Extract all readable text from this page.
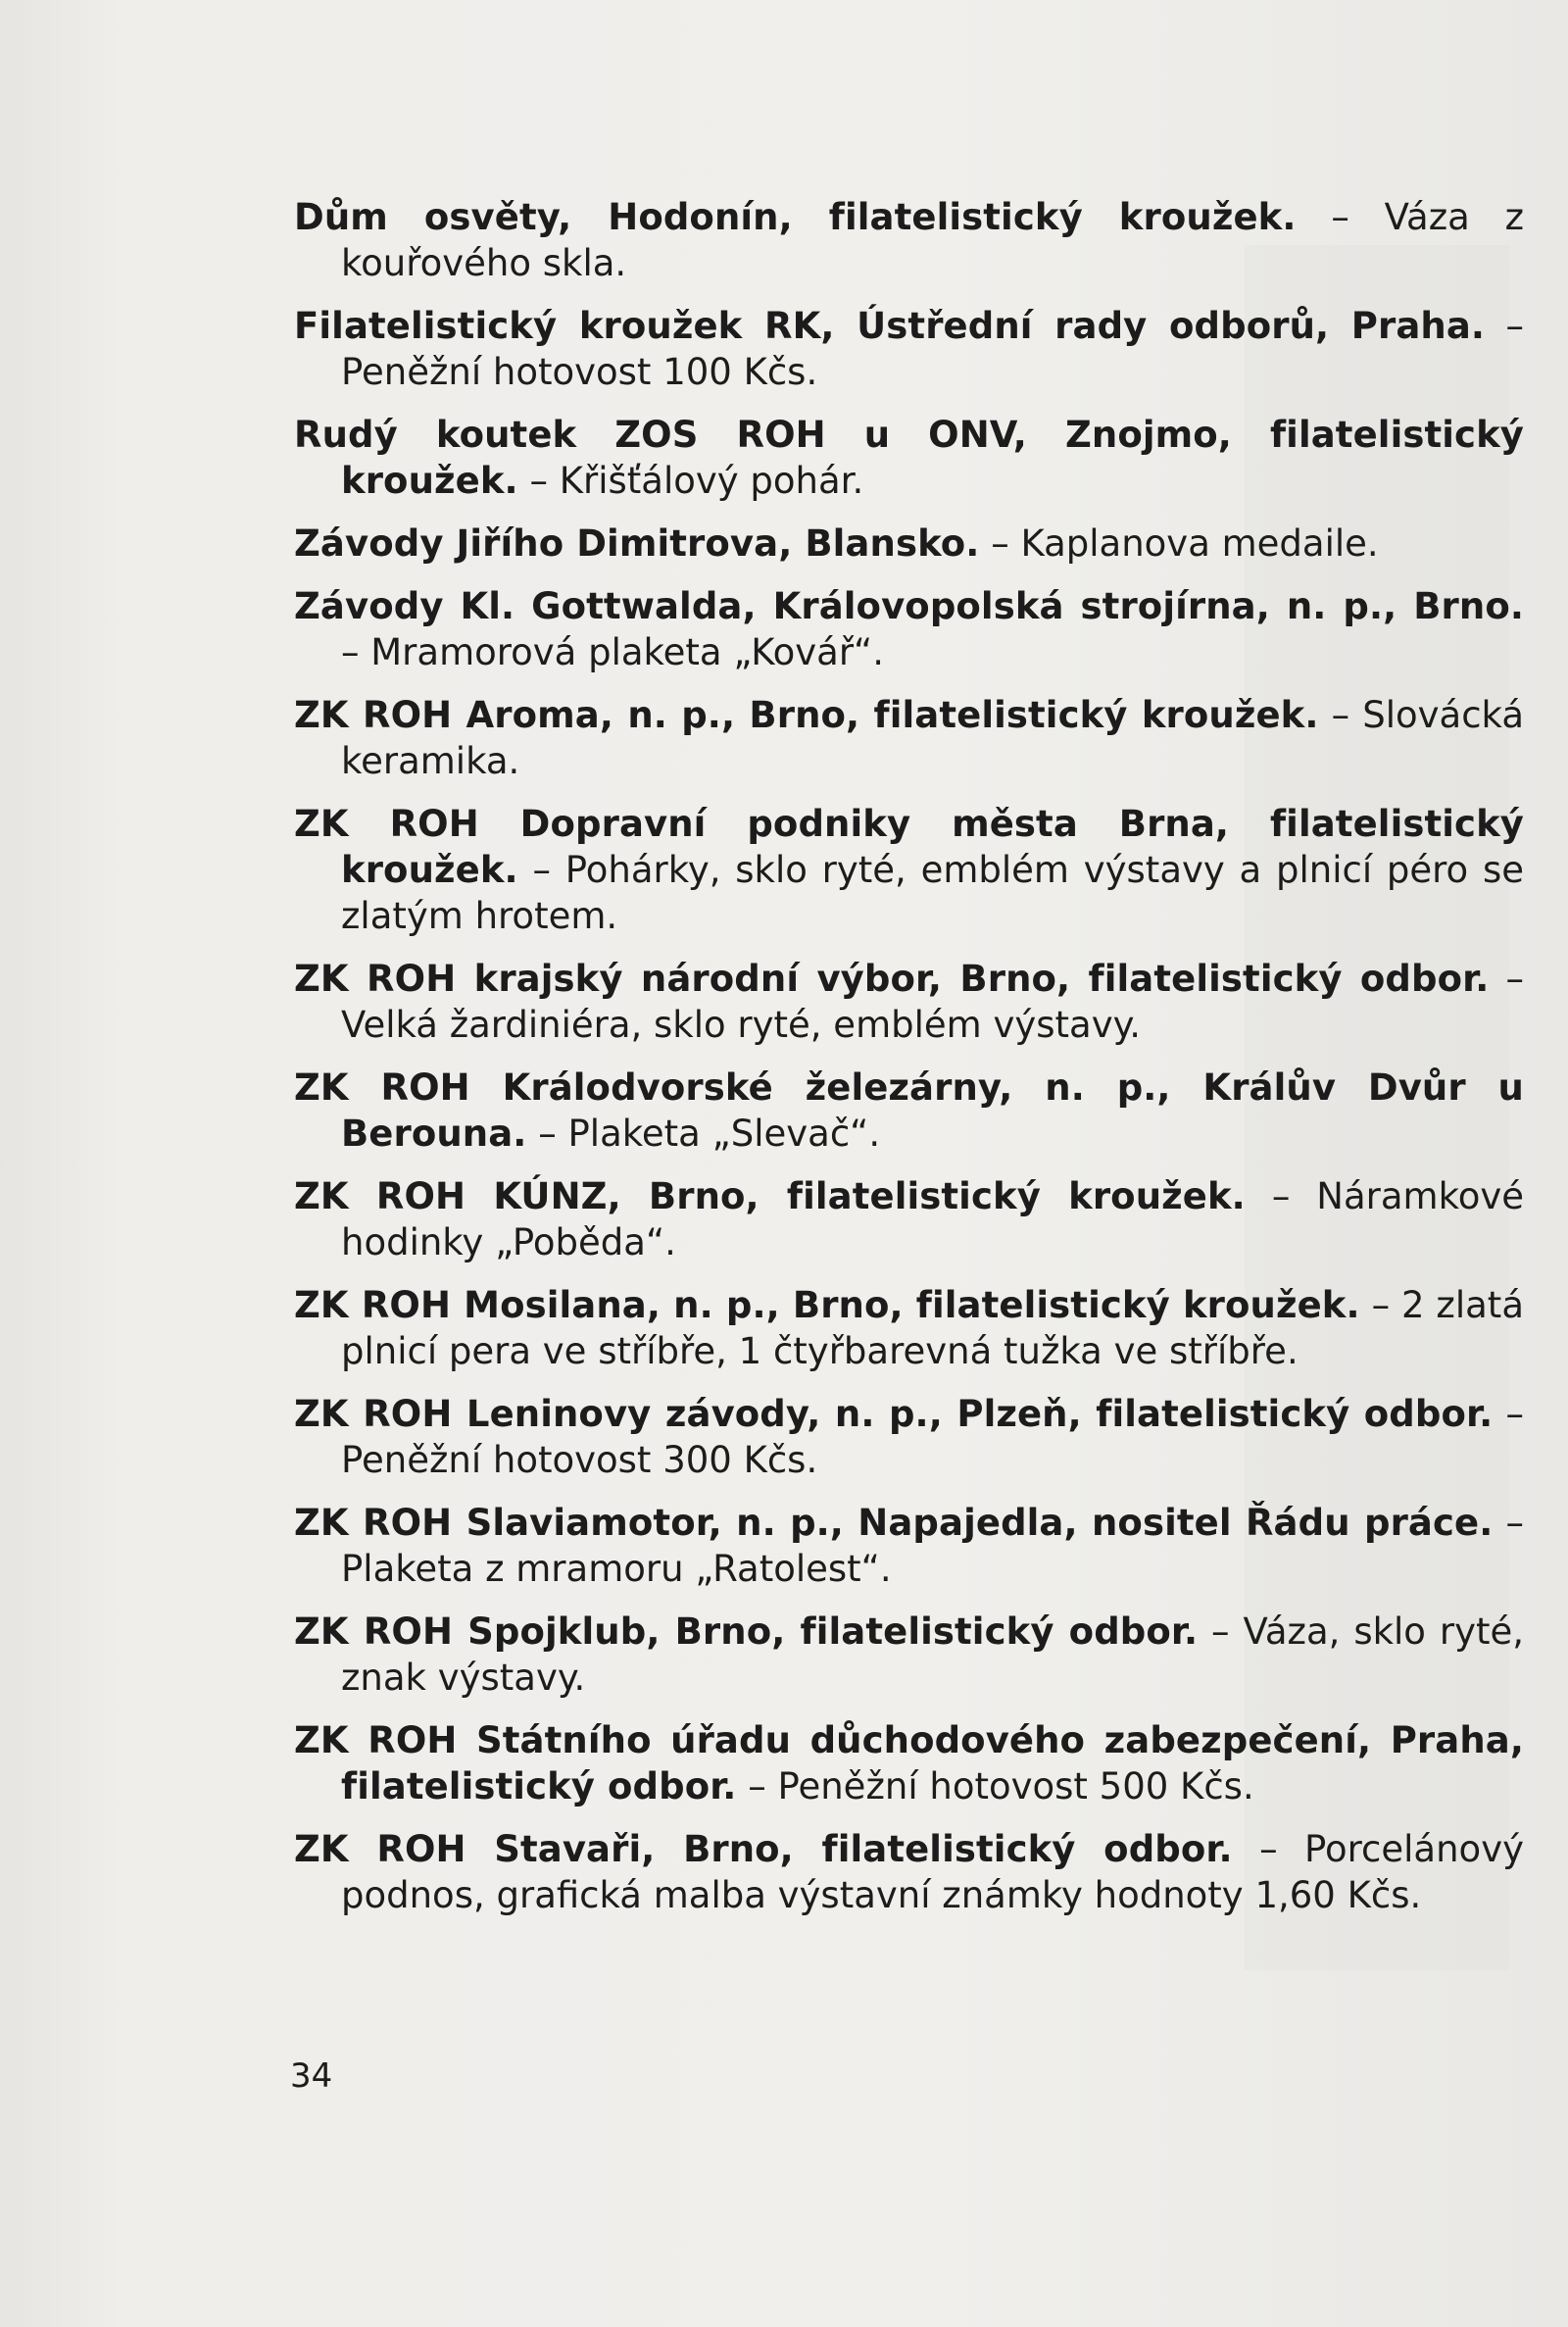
Dům osvěty, Hodonín, filatelistický kroužek. – Váza z kouřového skla.

Filatelistický kroužek RK, Ústřední rady odborů, Praha. – Peněžní hotovost 100 Kčs.

Rudý koutek ZOS ROH u ONV, Znojmo, filatelistický kroužek. – Křišťálový pohár.

Závody Jiřího Dimitrova, Blansko. – Kaplanova medaile.

Závody Kl. Gottwalda, Královopolská strojírna, n. p., Brno. – Mramorová plaketa „Kovář“.

ZK ROH Aroma, n. p., Brno, filatelistický kroužek. – Slovácká keramika.

ZK ROH Dopravní podniky města Brna, filatelistický kroužek. – Pohárky, sklo ryté, emblém výstavy a plnicí péro se zlatým hrotem.

ZK ROH krajský národní výbor, Brno, filatelistický odbor. – Velká žardiniéra, sklo ryté, emblém výstavy.

ZK ROH Králodvorské železárny, n. p., Králův Dvůr u Berouna. – Plaketa „Slevač“.

ZK ROH KÚNZ, Brno, filatelistický kroužek. – Náramkové hodinky „Poběda“.

ZK ROH Mosilana, n. p., Brno, filatelistický kroužek. – 2 zlatá plnicí pera ve stříbře, 1 čtyřbarevná tužka ve stříbře.

ZK ROH Leninovy závody, n. p., Plzeň, filatelistický odbor. – Peněžní hotovost 300 Kčs.

ZK ROH Slaviamotor, n. p., Napajedla, nositel Řádu práce. – Plaketa z mramoru „Ratolest“.

ZK ROH Spojklub, Brno, filatelistický odbor. – Váza, sklo ryté, znak výstavy.

ZK ROH Státního úřadu důchodového zabezpečení, Praha, filatelistický odbor. – Peněžní hotovost 500 Kčs.

ZK ROH Stavaři, Brno, filatelistický odbor. – Porcelánový podnos, grafická malba výstavní známky hodnoty 1,60 Kčs.

34
